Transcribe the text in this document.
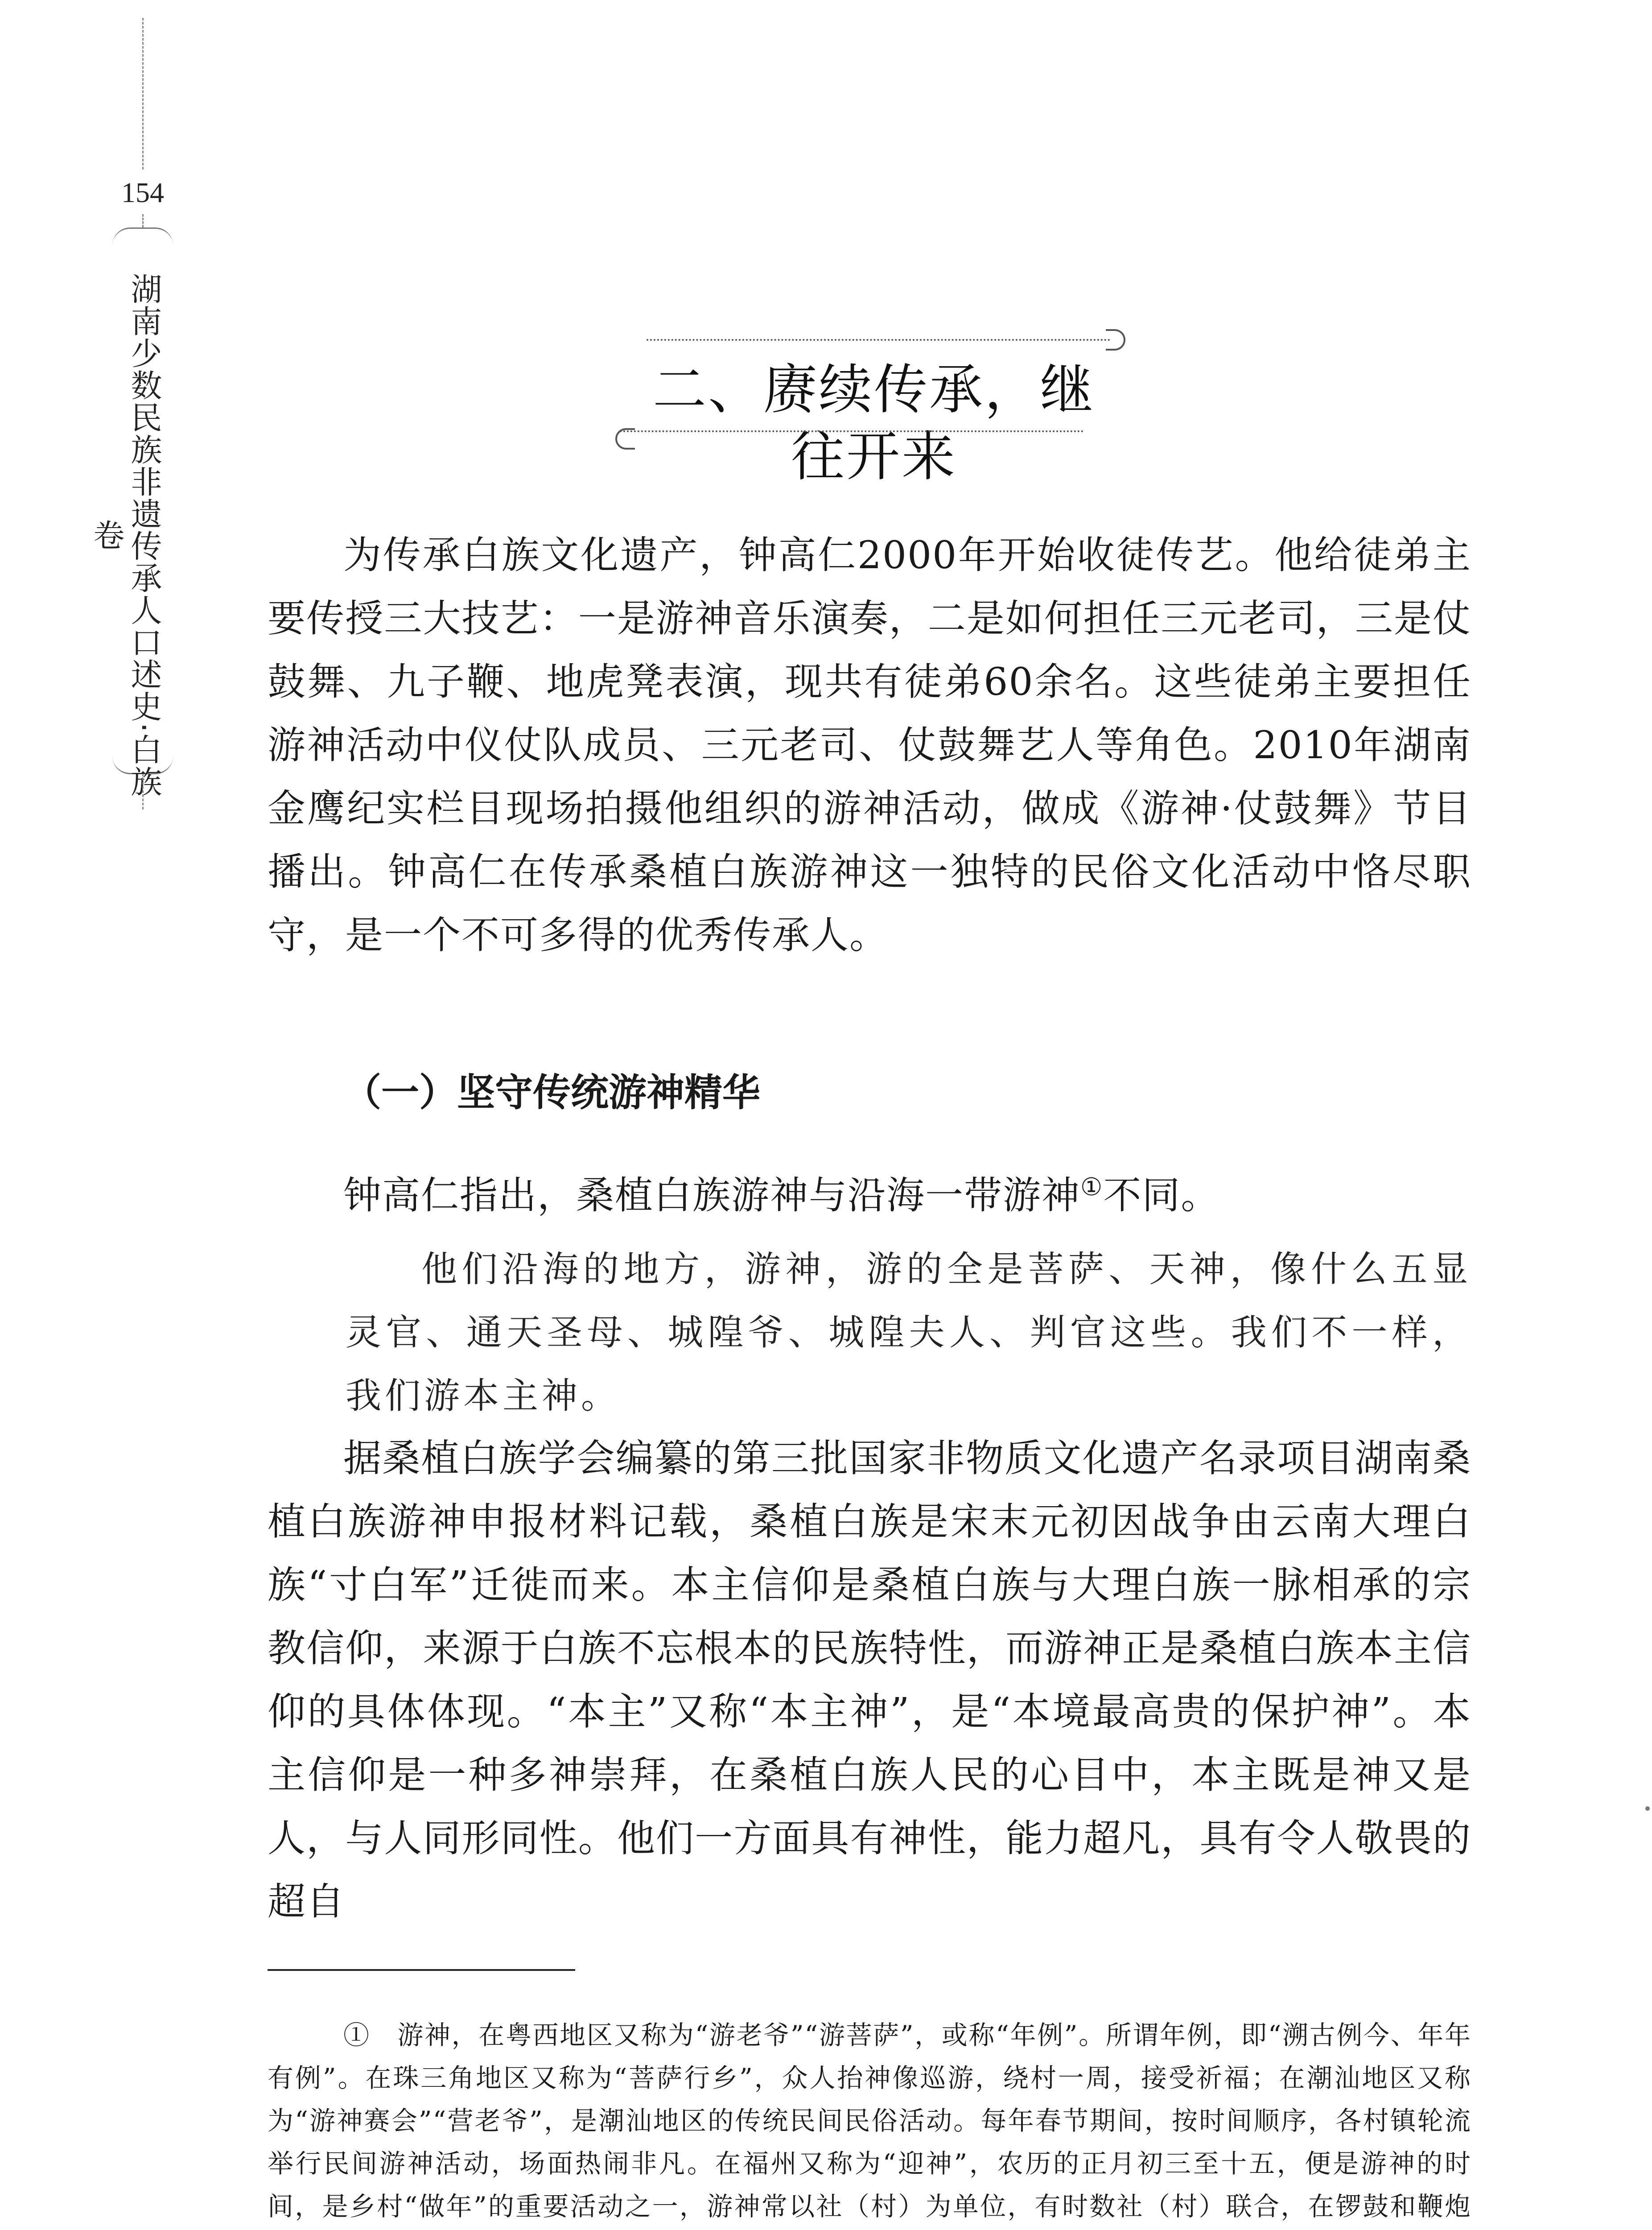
154
湖南少数民族非遗传承人口述史·白族卷
二、赓续传承，继往开来

为传承白族文化遗产，钟高仁2000年开始收徒传艺。他给徒弟主要传授三大技艺：一是游神音乐演奏，二是如何担任三元老司，三是仗鼓舞、九子鞭、地虎凳表演，现共有徒弟60余名。这些徒弟主要担任游神活动中仪仗队成员、三元老司、仗鼓舞艺人等角色。2010年湖南金鹰纪实栏目现场拍摄他组织的游神活动，做成《游神·仗鼓舞》节目播出。钟高仁在传承桑植白族游神这一独特的民俗文化活动中恪尽职守，是一个不可多得的优秀传承人。

（一）坚守传统游神精华

钟高仁指出，桑植白族游神与沿海一带游神①不同。

他们沿海的地方，游神，游的全是菩萨、天神，像什么五显灵官、通天圣母、城隍爷、城隍夫人、判官这些。我们不一样，我们游本主神。

据桑植白族学会编纂的第三批国家非物质文化遗产名录项目湖南桑植白族游神申报材料记载，桑植白族是宋末元初因战争由云南大理白族“寸白军”迁徙而来。本主信仰是桑植白族与大理白族一脉相承的宗教信仰，来源于白族不忘根本的民族特性，而游神正是桑植白族本主信仰的具体体现。“本主”又称“本主神”，是“本境最高贵的保护神”。本主信仰是一种多神崇拜，在桑植白族人民的心目中，本主既是神又是人，与人同形同性。他们一方面具有神性，能力超凡，具有令人敬畏的超自

①　游神，在粤西地区又称为“游老爷”“游菩萨”，或称“年例”。所谓年例，即“溯古例今、年年有例”。在珠三角地区又称为“菩萨行乡”，众人抬神像巡游，绕村一周，接受祈福；在潮汕地区又称为“游神赛会”“营老爷”，是潮汕地区的传统民间民俗活动。每年春节期间，按时间顺序，各村镇轮流举行民间游神活动，场面热闹非凡。在福州又称为“迎神”，农历的正月初三至十五，便是游神的时间，是乡村“做年”的重要活动之一，游神常以社（村）为单位，有时数社（村）联合，在锣鼓和鞭炮
